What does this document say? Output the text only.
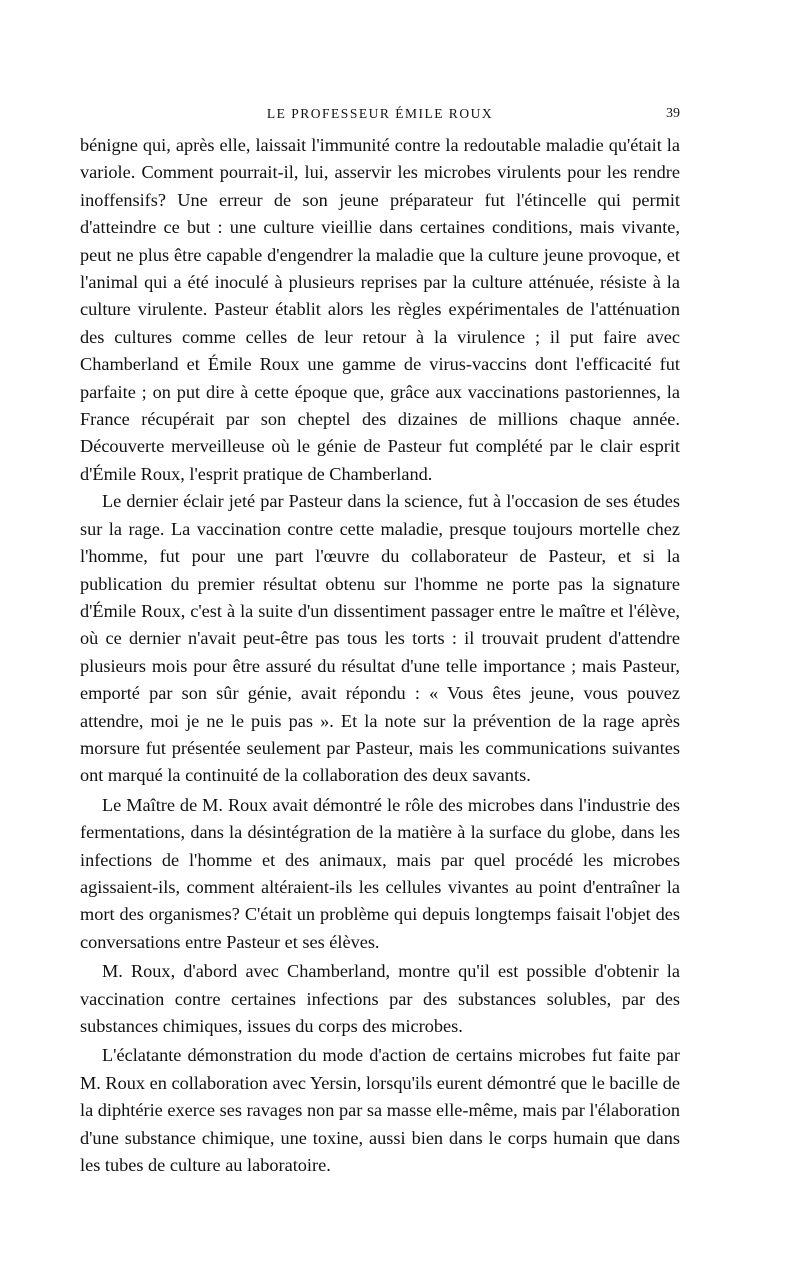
LE PROFESSEUR ÉMILE ROUX	39

bénigne qui, après elle, laissait l'immunité contre la redoutable maladie qu'était la variole. Comment pourrait-il, lui, asservir les microbes virulents pour les rendre inoffensifs? Une erreur de son jeune préparateur fut l'étincelle qui permit d'atteindre ce but : une culture vieillie dans certaines conditions, mais vivante, peut ne plus être capable d'engendrer la maladie que la culture jeune provoque, et l'animal qui a été inoculé à plusieurs reprises par la culture atténuée, résiste à la culture virulente. Pasteur établit alors les règles expérimentales de l'atténuation des cultures comme celles de leur retour à la virulence ; il put faire avec Chamberland et Émile Roux une gamme de virus-vaccins dont l'efficacité fut parfaite ; on put dire à cette époque que, grâce aux vaccinations pastoriennes, la France récupérait par son cheptel des dizaines de millions chaque année. Découverte merveilleuse où le génie de Pasteur fut complété par le clair esprit d'Émile Roux, l'esprit pratique de Chamberland.

Le dernier éclair jeté par Pasteur dans la science, fut à l'occasion de ses études sur la rage. La vaccination contre cette maladie, presque toujours mortelle chez l'homme, fut pour une part l'œuvre du collaborateur de Pasteur, et si la publication du premier résultat obtenu sur l'homme ne porte pas la signature d'Émile Roux, c'est à la suite d'un dissentiment passager entre le maître et l'élève, où ce dernier n'avait peut-être pas tous les torts : il trouvait prudent d'attendre plusieurs mois pour être assuré du résultat d'une telle importance ; mais Pasteur, emporté par son sûr génie, avait répondu : « Vous êtes jeune, vous pouvez attendre, moi je ne le puis pas ». Et la note sur la prévention de la rage après morsure fut présentée seulement par Pasteur, mais les communications suivantes ont marqué la continuité de la collaboration des deux savants.

Le Maître de M. Roux avait démontré le rôle des microbes dans l'industrie des fermentations, dans la désintégration de la matière à la surface du globe, dans les infections de l'homme et des animaux, mais par quel procédé les microbes agissaient-ils, comment altéraient-ils les cellules vivantes au point d'entraîner la mort des organismes? C'était un problème qui depuis longtemps faisait l'objet des conversations entre Pasteur et ses élèves.

M. Roux, d'abord avec Chamberland, montre qu'il est possible d'obtenir la vaccination contre certaines infections par des substances solubles, par des substances chimiques, issues du corps des microbes.

L'éclatante démonstration du mode d'action de certains microbes fut faite par M. Roux en collaboration avec Yersin, lorsqu'ils eurent démontré que le bacille de la diphtérie exerce ses ravages non par sa masse elle-même, mais par l'élaboration d'une substance chimique, une toxine, aussi bien dans le corps humain que dans les tubes de culture au laboratoire.
